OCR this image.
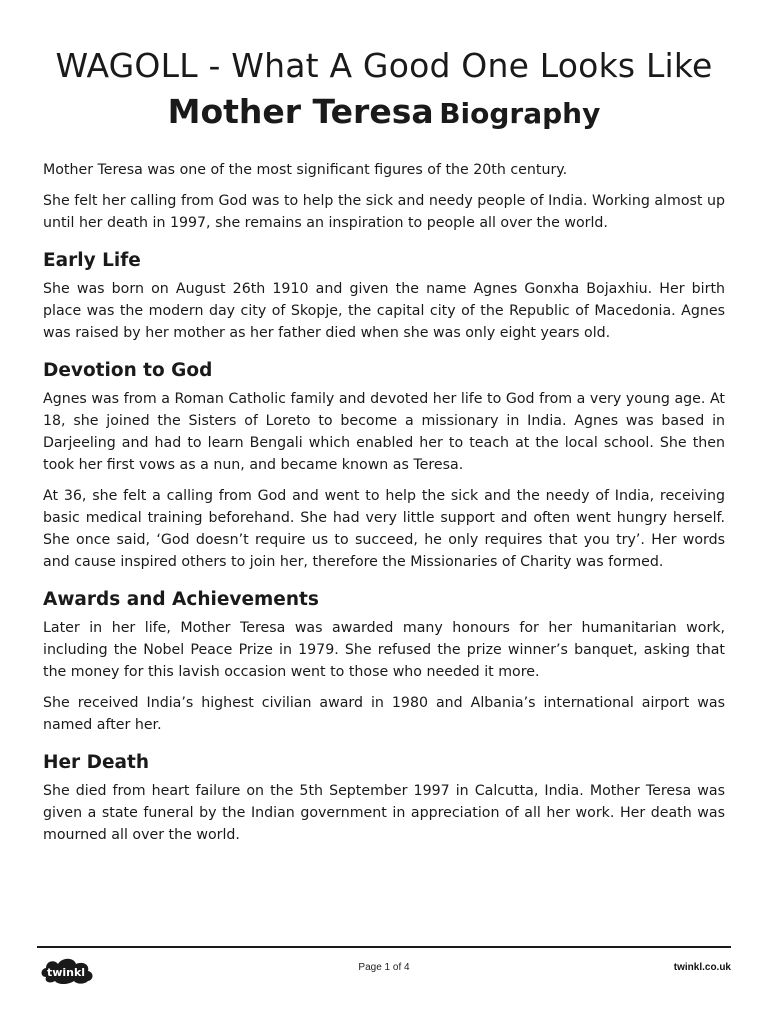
WAGOLL - What A Good One Looks Like
Mother Teresa Biography

Mother Teresa was one of the most significant figures of the 20th century.

She felt her calling from God was to help the sick and needy people of India. Working almost up until her death in 1997, she remains an inspiration to people all over the world.

Early Life

She was born on August 26th 1910 and given the name Agnes Gonxha Bojaxhiu. Her birth place was the modern day city of Skopje, the capital city of the Republic of Macedonia. Agnes was raised by her mother as her father died when she was only eight years old.

Devotion to God

Agnes was from a Roman Catholic family and devoted her life to God from a very young age. At 18, she joined the Sisters of Loreto to become a missionary in India. Agnes was based in Darjeeling and had to learn Bengali which enabled her to teach at the local school. She then took her first vows as a nun, and became known as Teresa.

At 36, she felt a calling from God and went to help the sick and the needy of India, receiving basic medical training beforehand. She had very little support and often went hungry herself. She once said, ‘God doesn’t require us to succeed, he only requires that you try’. Her words and cause inspired others to join her, therefore the Missionaries of Charity was formed.

Awards and Achievements

Later in her life, Mother Teresa was awarded many honours for her humanitarian work, including the Nobel Peace Prize in 1979. She refused the prize winner’s banquet, asking that the money for this lavish occasion went to those who needed it more.

She received India’s highest civilian award in 1980 and Albania’s international airport was named after her.

Her Death

She died from heart failure on the 5th September 1997 in Calcutta, India. Mother Teresa was given a state funeral by the Indian government in appreciation of all her work. Her death was mourned all over the world.

twinkl	Page 1 of 4	twinkl.co.uk
